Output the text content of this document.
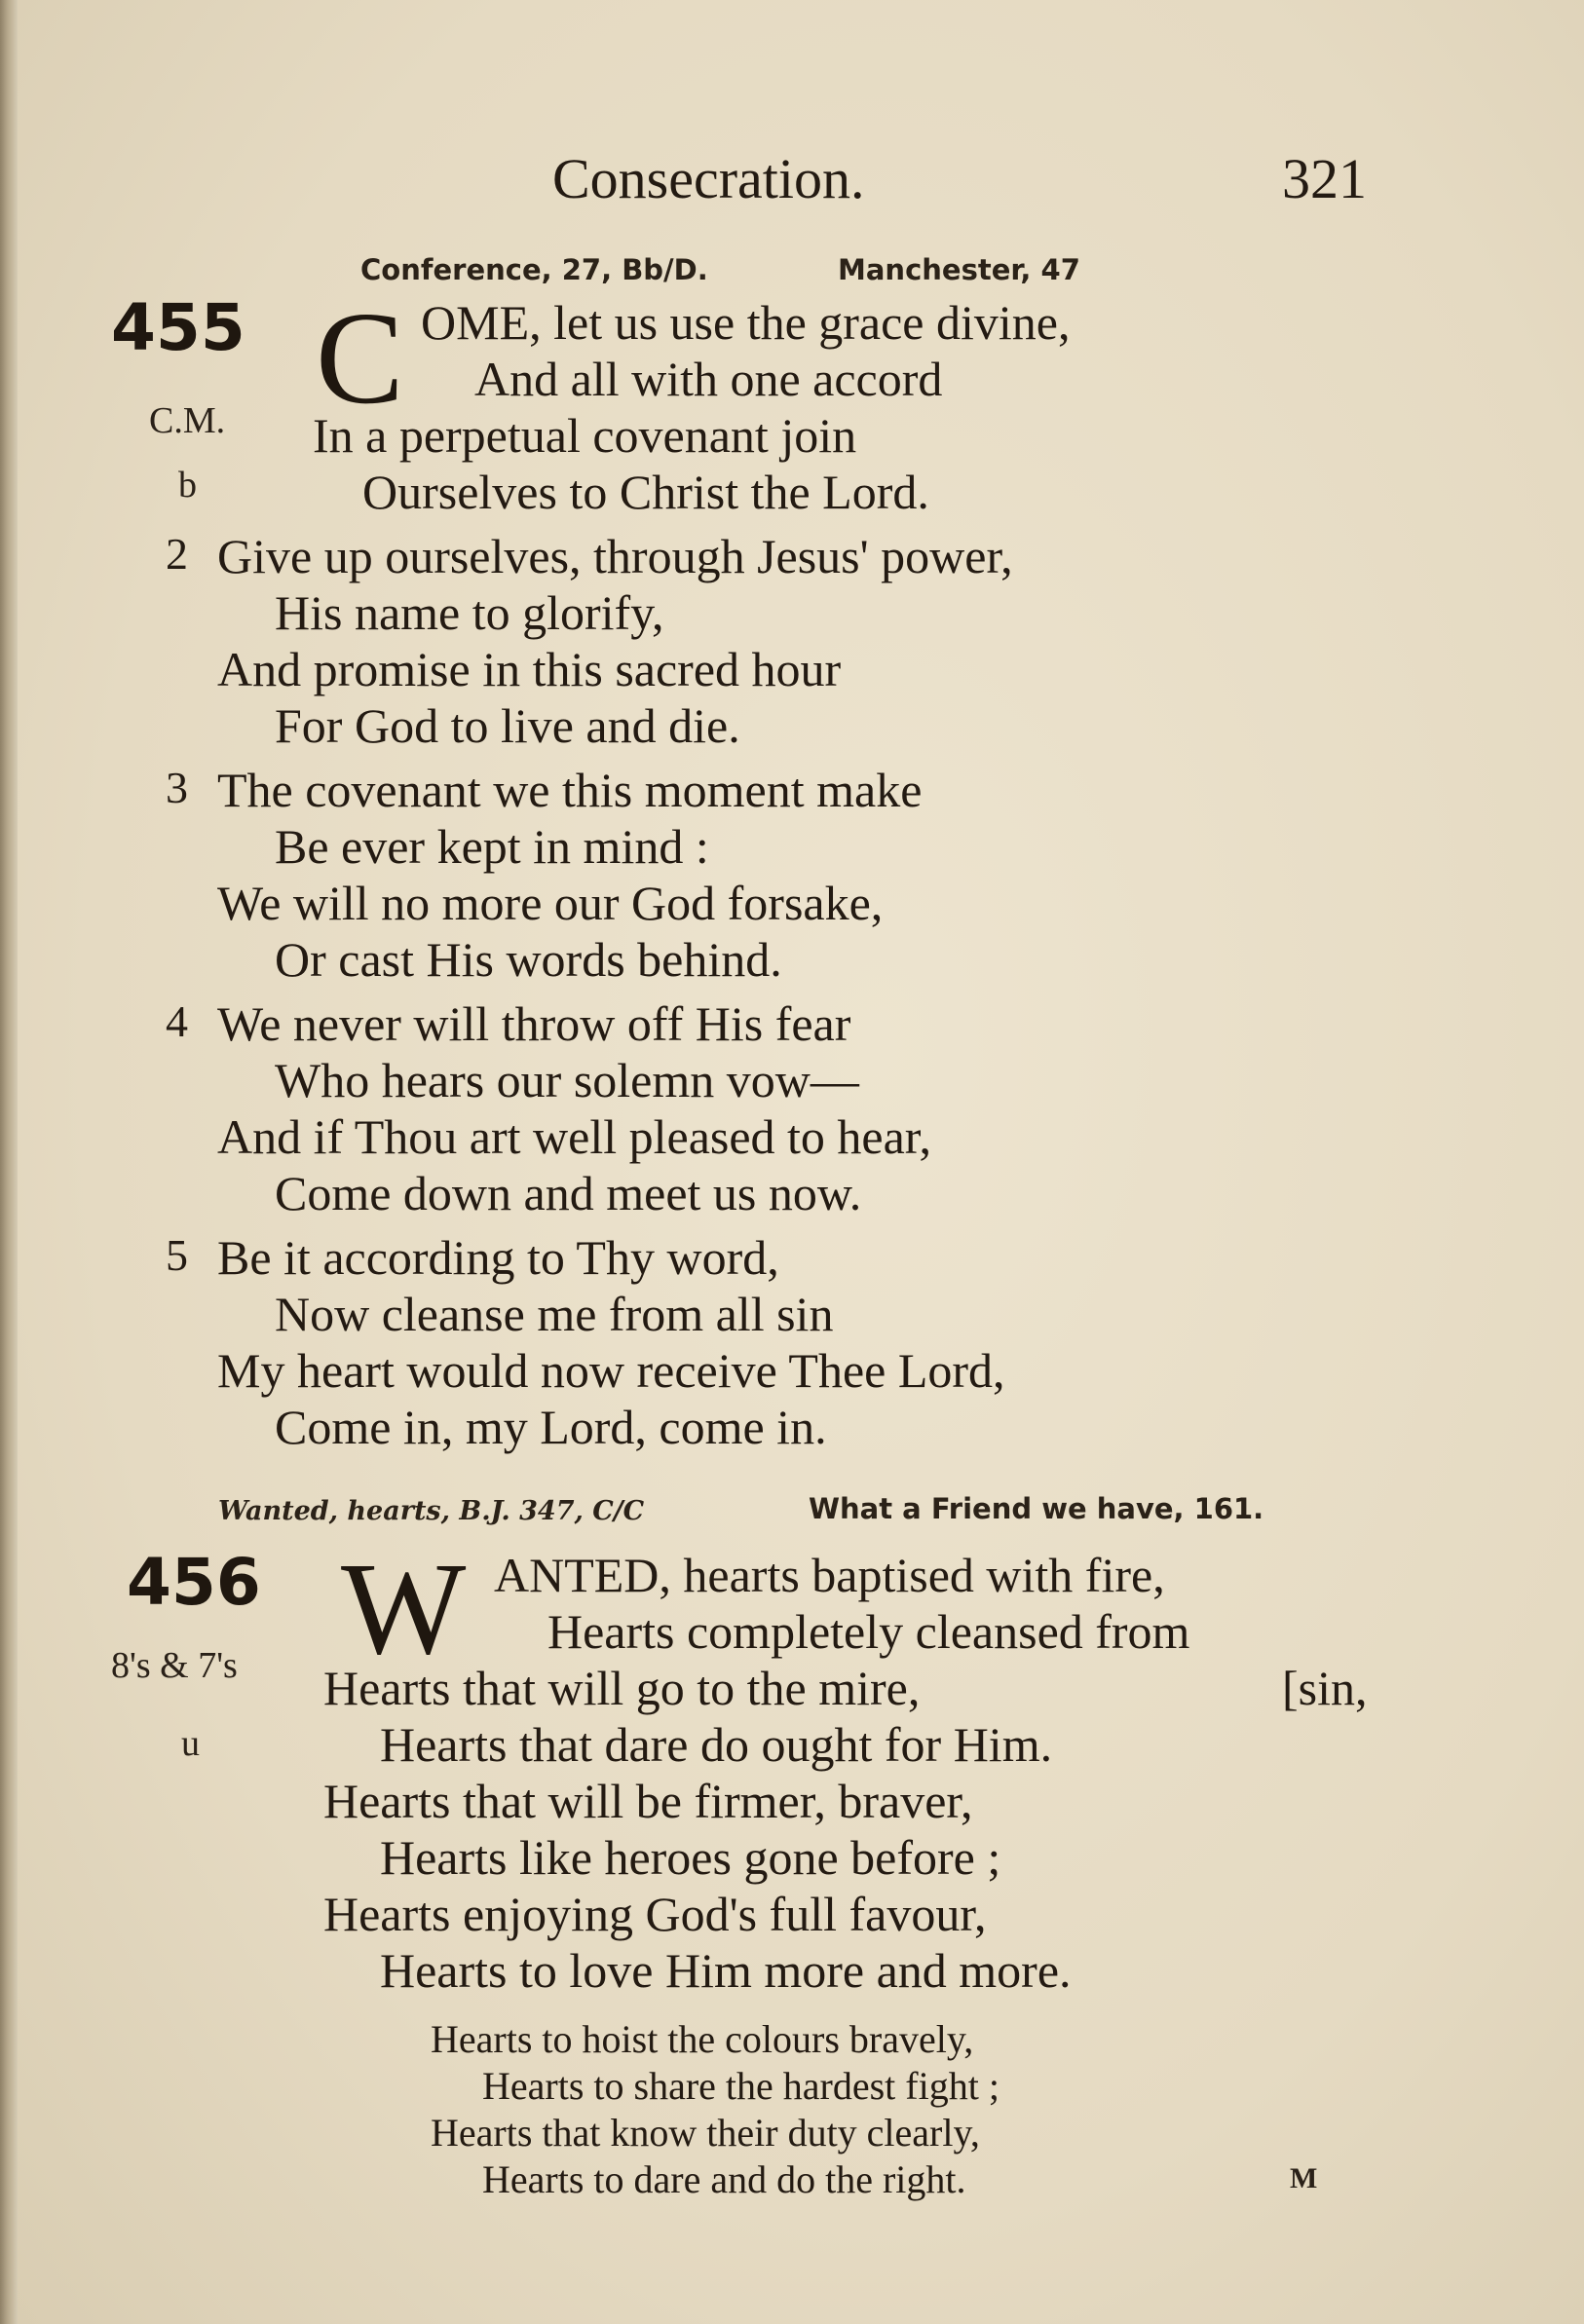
Consecration.	321
Conference, 27, Bb/D.	Manchester, 47
455
C.M.
b
C OME, let us use the grace divine,
And all with one accord
In a perpetual covenant join
Ourselves to Christ the Lord.
2 Give up ourselves, through Jesus' power,
His name to glorify,
And promise in this sacred hour
For God to live and die.
3 The covenant we this moment make
Be ever kept in mind :
We will no more our God forsake,
Or cast His words behind.
4 We never will throw off His fear
Who hears our solemn vow—
And if Thou art well pleased to hear,
Come down and meet us now.
5 Be it according to Thy word,
Now cleanse me from all sin
My heart would now receive Thee Lord,
Come in, my Lord, come in.
Wanted, hearts, B.J. 347, C/C	What a Friend we have, 161.
456
8's & 7's
u
W ANTED, hearts baptised with fire,
Hearts completely cleansed from
Hearts that will go to the mire,	[sin,
Hearts that dare do ought for Him.
Hearts that will be firmer, braver,
Hearts like heroes gone before ;
Hearts enjoying God's full favour,
Hearts to love Him more and more.
Hearts to hoist the colours bravely,
Hearts to share the hardest fight ;
Hearts that know their duty clearly,
Hearts to dare and do the right.	M
